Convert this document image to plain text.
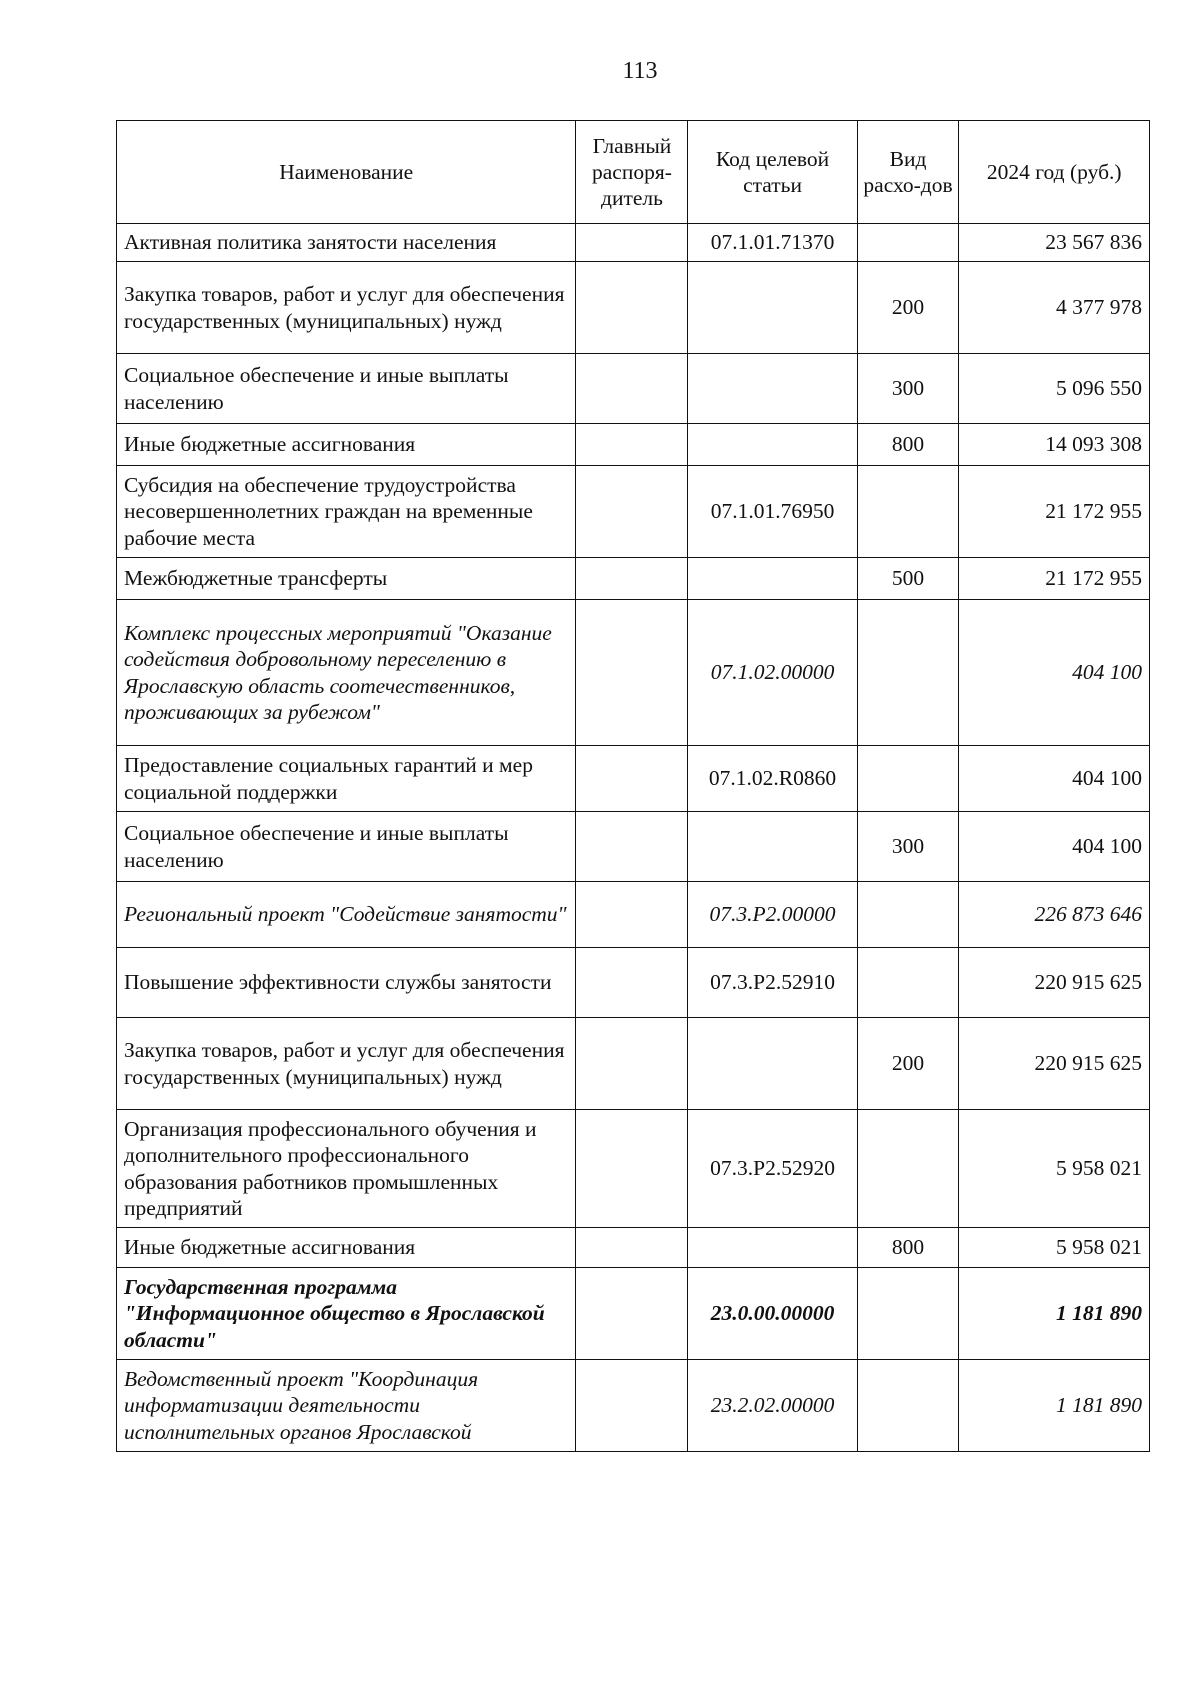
113
Наименование	Главный распоря-дитель	Код целевой статьи	Вид расхо-дов	2024 год (руб.)
Активная политика занятости населения		07.1.01.71370		23 567 836
Закупка товаров, работ и услуг для обеспечения государственных (муниципальных) нужд			200	4 377 978
Социальное обеспечение и иные выплаты населению			300	5 096 550
Иные бюджетные ассигнования			800	14 093 308
Субсидия на обеспечение трудоустройства несовершеннолетних граждан на временные рабочие места		07.1.01.76950		21 172 955
Межбюджетные трансферты			500	21 172 955
Комплекс процессных мероприятий "Оказание содействия добровольному переселению в Ярославскую область соотечественников, проживающих за рубежом"		07.1.02.00000		404 100
Предоставление социальных гарантий и мер социальной поддержки		07.1.02.R0860		404 100
Социальное обеспечение и иные выплаты населению			300	404 100
Региональный проект "Содействие занятости"		07.3.P2.00000		226 873 646
Повышение эффективности службы занятости		07.3.P2.52910		220 915 625
Закупка товаров, работ и услуг для обеспечения государственных (муниципальных) нужд			200	220 915 625
Организация профессионального обучения и дополнительного профессионального образования работников промышленных предприятий		07.3.P2.52920		5 958 021
Иные бюджетные ассигнования			800	5 958 021
Государственная программа "Информационное общество в Ярославской области"		23.0.00.00000		1 181 890
Ведомственный проект "Координация информатизации деятельности исполнительных органов Ярославской		23.2.02.00000		1 181 890
